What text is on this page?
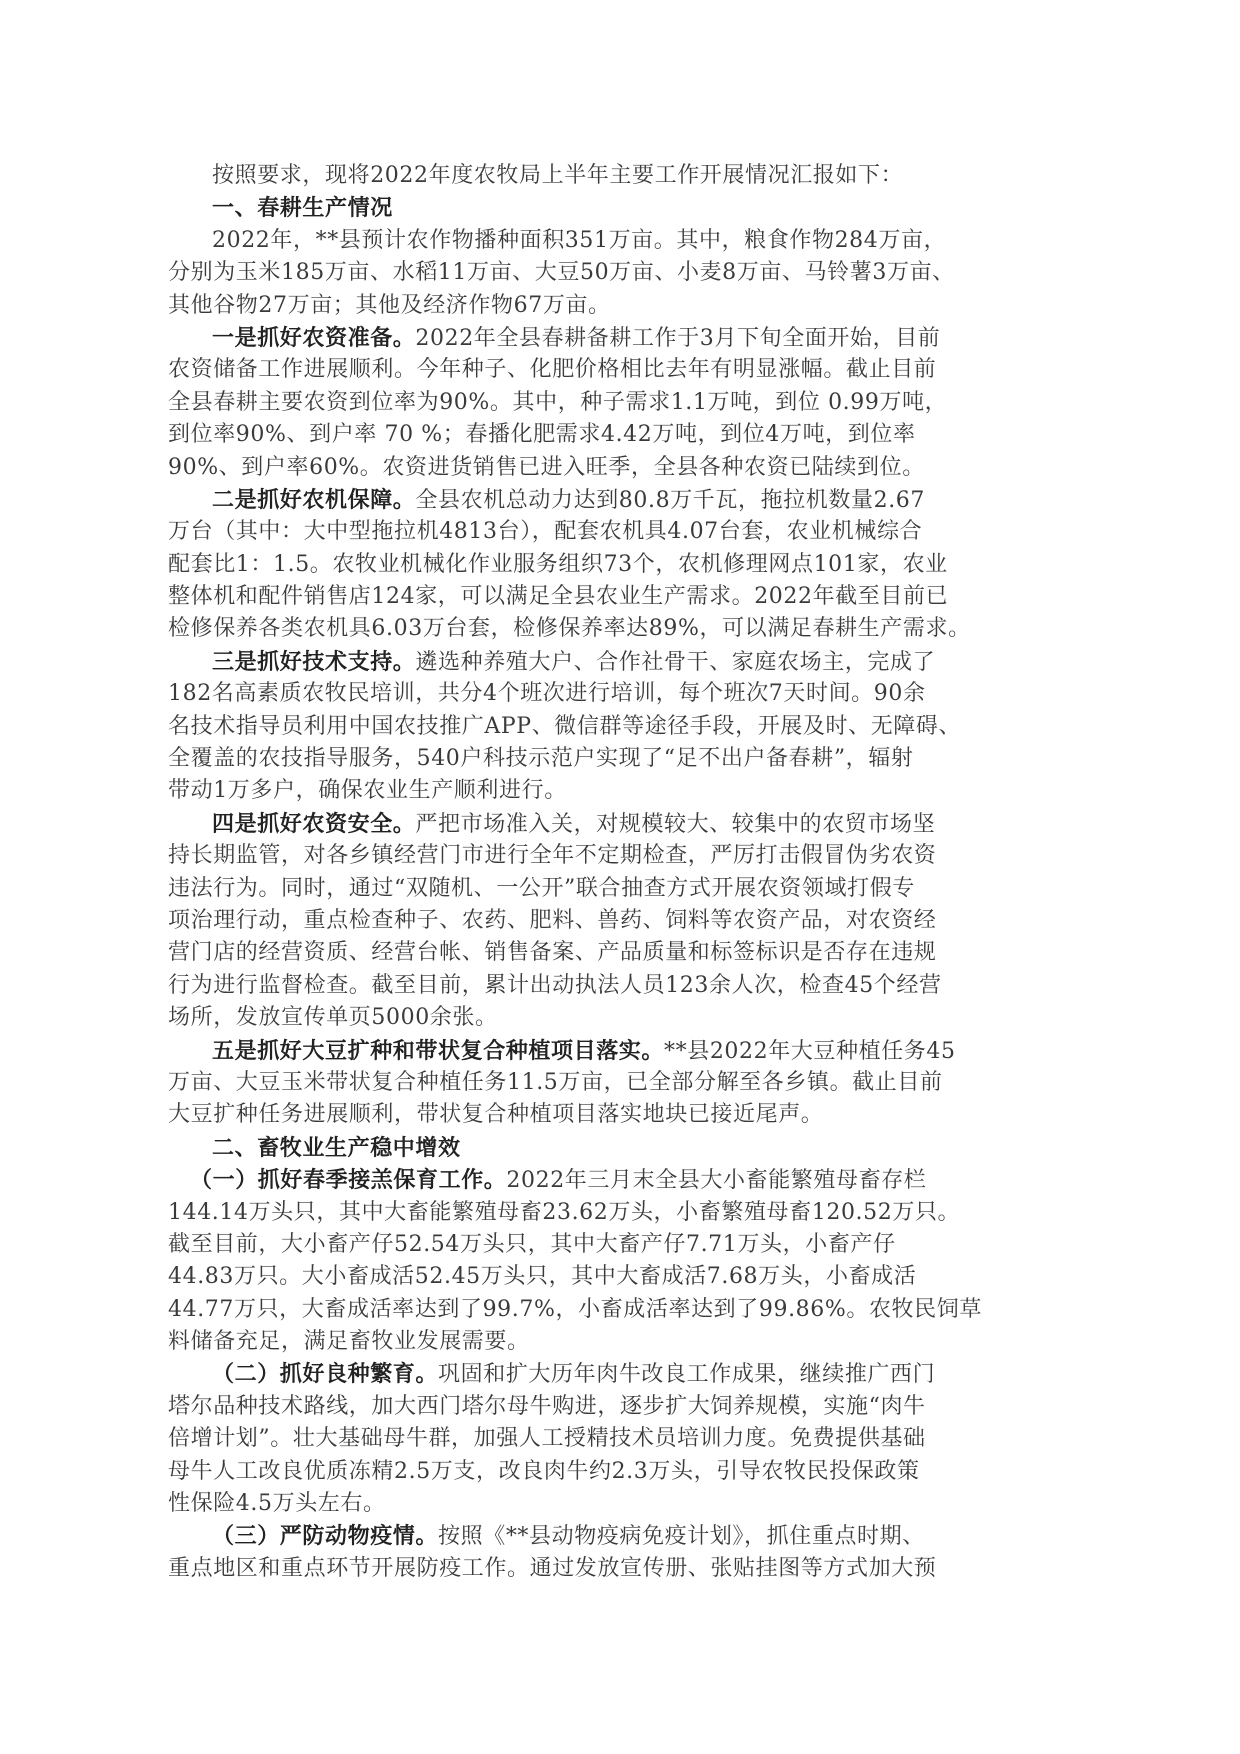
按照要求，现将2022年度农牧局上半年主要工作开展情况汇报如下：
一、春耕生产情况
2022年，**县预计农作物播种面积351万亩。其中，粮食作物284万亩，
分别为玉米185万亩、水稻11万亩、大豆50万亩、小麦8万亩、马铃薯3万亩、
其他谷物27万亩；其他及经济作物67万亩。
一是抓好农资准备。2022年全县春耕备耕工作于3月下旬全面开始，目前
农资储备工作进展顺利。今年种子、化肥价格相比去年有明显涨幅。截止目前
全县春耕主要农资到位率为90%。其中，种子需求1.1万吨，到位 0.99万吨，
到位率90%、到户率 70 %；春播化肥需求4.42万吨，到位4万吨，到位率
90%、到户率60%。农资进货销售已进入旺季，全县各种农资已陆续到位。
二是抓好农机保障。全县农机总动力达到80.8万千瓦，拖拉机数量2.67
万台（其中：大中型拖拉机4813台），配套农机具4.07台套，农业机械综合
配套比1：1.5。农牧业机械化作业服务组织73个，农机修理网点101家，农业
整体机和配件销售店124家，可以满足全县农业生产需求。2022年截至目前已
检修保养各类农机具6.03万台套，检修保养率达89%，可以满足春耕生产需求。
三是抓好技术支持。遴选种养殖大户、合作社骨干、家庭农场主，完成了
182名高素质农牧民培训，共分4个班次进行培训，每个班次7天时间。90余
名技术指导员利用中国农技推广APP、微信群等途径手段，开展及时、无障碍、
全覆盖的农技指导服务，540户科技示范户实现了“足不出户备春耕”，辐射
带动1万多户，确保农业生产顺利进行。
四是抓好农资安全。严把市场准入关，对规模较大、较集中的农贸市场坚
持长期监管，对各乡镇经营门市进行全年不定期检查，严厉打击假冒伪劣农资
违法行为。同时，通过“双随机、一公开”联合抽查方式开展农资领域打假专
项治理行动，重点检查种子、农药、肥料、兽药、饲料等农资产品，对农资经
营门店的经营资质、经营台帐、销售备案、产品质量和标签标识是否存在违规
行为进行监督检查。截至目前，累计出动执法人员123余人次，检查45个经营
场所，发放宣传单页5000余张。
五是抓好大豆扩种和带状复合种植项目落实。**县2022年大豆种植任务45
万亩、大豆玉米带状复合种植任务11.5万亩，已全部分解至各乡镇。截止目前
大豆扩种任务进展顺利，带状复合种植项目落实地块已接近尾声。
二、畜牧业生产稳中增效
（一）抓好春季接羔保育工作。2022年三月末全县大小畜能繁殖母畜存栏
144.14万头只，其中大畜能繁殖母畜23.62万头，小畜繁殖母畜120.52万只。
截至目前，大小畜产仔52.54万头只，其中大畜产仔7.71万头，小畜产仔
44.83万只。大小畜成活52.45万头只，其中大畜成活7.68万头，小畜成活
44.77万只，大畜成活率达到了99.7%，小畜成活率达到了99.86%。农牧民饲草
料储备充足，满足畜牧业发展需要。
（二）抓好良种繁育。巩固和扩大历年肉牛改良工作成果，继续推广西门
塔尔品种技术路线，加大西门塔尔母牛购进，逐步扩大饲养规模，实施“肉牛
倍增计划”。壮大基础母牛群，加强人工授精技术员培训力度。免费提供基础
母牛人工改良优质冻精2.5万支，改良肉牛约2.3万头，引导农牧民投保政策
性保险4.5万头左右。
（三）严防动物疫情。按照《**县动物疫病免疫计划》，抓住重点时期、
重点地区和重点环节开展防疫工作。通过发放宣传册、张贴挂图等方式加大预
